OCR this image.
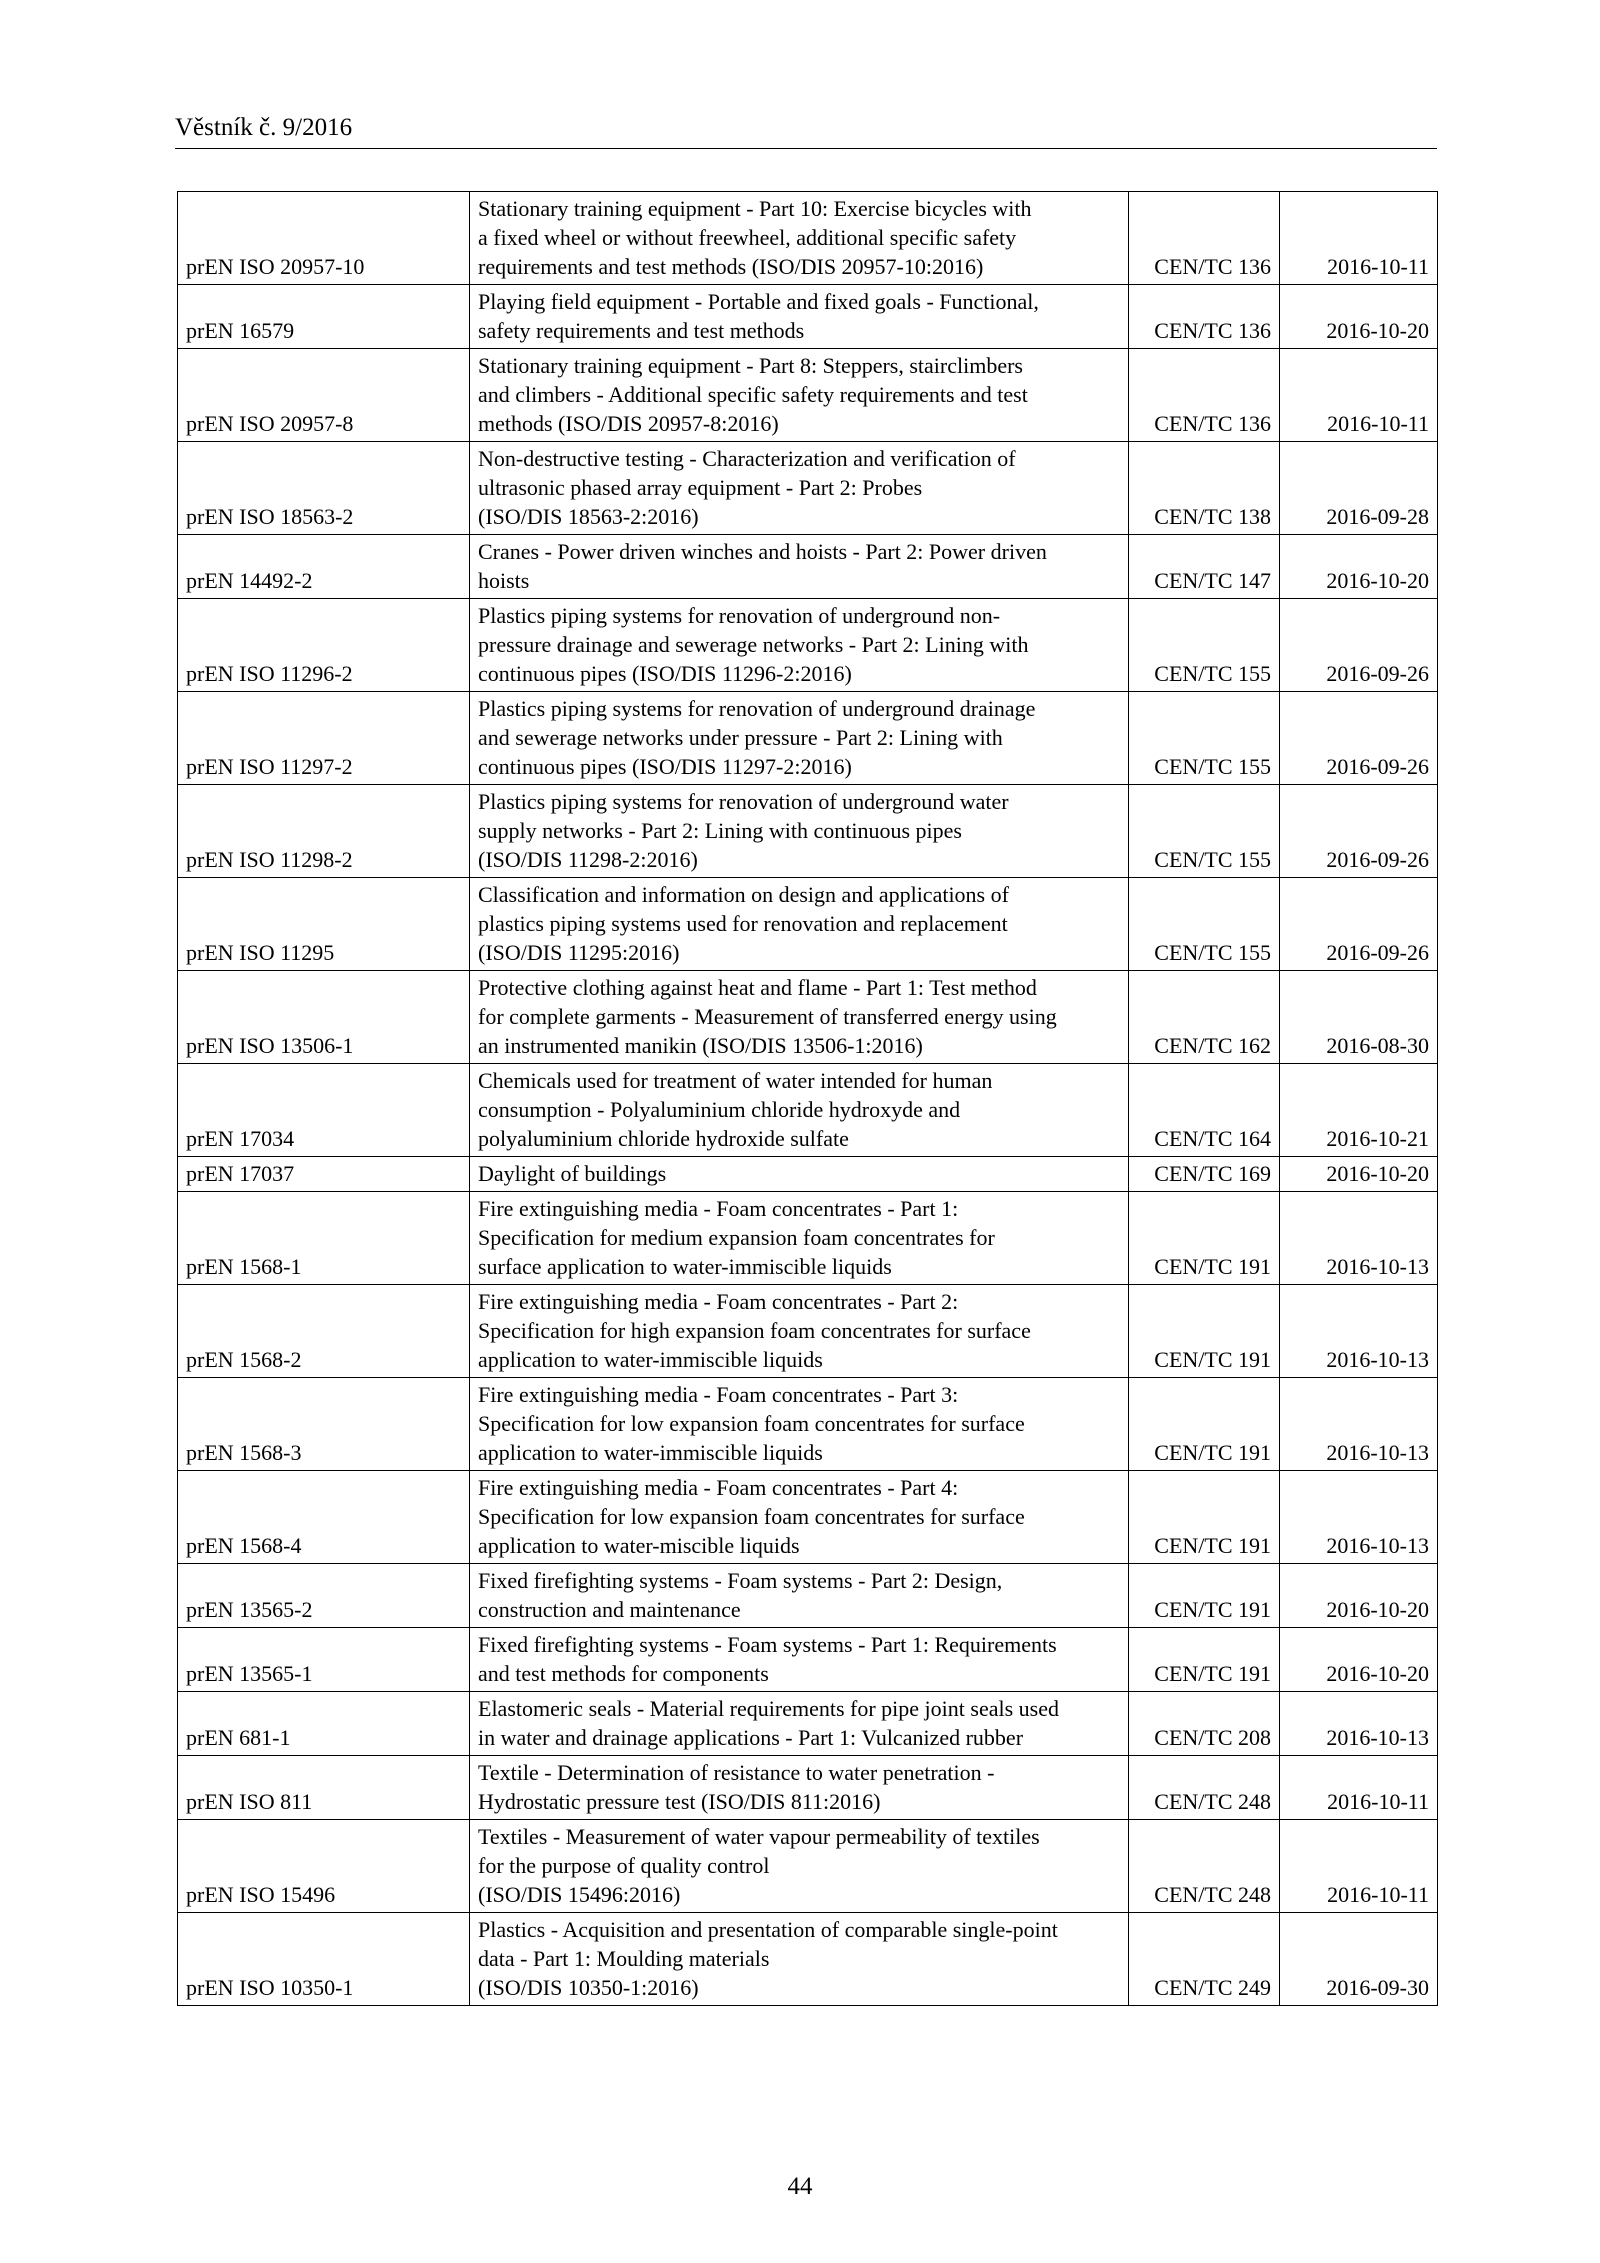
Věstník č. 9/2016
prEN ISO 20957-10	Stationary training equipment - Part 10: Exercise bicycles with
a fixed wheel or without freewheel, additional specific safety
requirements and test methods (ISO/DIS 20957-10:2016)	CEN/TC 136	2016-10-11
prEN 16579	Playing field equipment - Portable and fixed goals - Functional,
safety requirements and test methods	CEN/TC 136	2016-10-20
prEN ISO 20957-8	Stationary training equipment - Part 8: Steppers, stairclimbers
and climbers - Additional specific safety requirements and test
methods (ISO/DIS 20957-8:2016)	CEN/TC 136	2016-10-11
prEN ISO 18563-2	Non-destructive testing - Characterization and verification of
ultrasonic phased array equipment - Part 2: Probes
(ISO/DIS 18563-2:2016)	CEN/TC 138	2016-09-28
prEN 14492-2	Cranes - Power driven winches and hoists - Part 2: Power driven
hoists	CEN/TC 147	2016-10-20
prEN ISO 11296-2	Plastics piping systems for renovation of underground non-
pressure drainage and sewerage networks - Part 2: Lining with
continuous pipes (ISO/DIS 11296-2:2016)	CEN/TC 155	2016-09-26
prEN ISO 11297-2	Plastics piping systems for renovation of underground drainage
and sewerage networks under pressure - Part 2: Lining with
continuous pipes (ISO/DIS 11297-2:2016)	CEN/TC 155	2016-09-26
prEN ISO 11298-2	Plastics piping systems for renovation of underground water
supply networks - Part 2: Lining with continuous pipes
(ISO/DIS 11298-2:2016)	CEN/TC 155	2016-09-26
prEN ISO 11295	Classification and information on design and applications of
plastics piping systems used for renovation and replacement
(ISO/DIS 11295:2016)	CEN/TC 155	2016-09-26
prEN ISO 13506-1	Protective clothing against heat and flame - Part 1: Test method
for complete garments - Measurement of transferred energy using
an instrumented manikin (ISO/DIS 13506-1:2016)	CEN/TC 162	2016-08-30
prEN 17034	Chemicals used for treatment of water intended for human
consumption - Polyaluminium chloride hydroxyde and
polyaluminium chloride hydroxide sulfate	CEN/TC 164	2016-10-21
prEN 17037	Daylight of buildings	CEN/TC 169	2016-10-20
prEN 1568-1	Fire extinguishing media - Foam concentrates - Part 1:
Specification for medium expansion foam concentrates for
surface application to water-immiscible liquids	CEN/TC 191	2016-10-13
prEN 1568-2	Fire extinguishing media - Foam concentrates - Part 2:
Specification for high expansion foam concentrates for surface
application to water-immiscible liquids	CEN/TC 191	2016-10-13
prEN 1568-3	Fire extinguishing media - Foam concentrates - Part 3:
Specification for low expansion foam concentrates for surface
application to water-immiscible liquids	CEN/TC 191	2016-10-13
prEN 1568-4	Fire extinguishing media - Foam concentrates - Part 4:
Specification for low expansion foam concentrates for surface
application to water-miscible liquids	CEN/TC 191	2016-10-13
prEN 13565-2	Fixed firefighting systems - Foam systems - Part 2: Design,
construction and maintenance	CEN/TC 191	2016-10-20
prEN 13565-1	Fixed firefighting systems - Foam systems - Part 1: Requirements
and test methods for components	CEN/TC 191	2016-10-20
prEN 681-1	Elastomeric seals - Material requirements for pipe joint seals used
in water and drainage applications - Part 1: Vulcanized rubber	CEN/TC 208	2016-10-13
prEN ISO 811	Textile - Determination of resistance to water penetration -
Hydrostatic pressure test (ISO/DIS 811:2016)	CEN/TC 248	2016-10-11
prEN ISO 15496	Textiles - Measurement of water vapour permeability of textiles
for the purpose of quality control
(ISO/DIS 15496:2016)	CEN/TC 248	2016-10-11
prEN ISO 10350-1	Plastics - Acquisition and presentation of comparable single-point
data - Part 1: Moulding materials
(ISO/DIS 10350-1:2016)	CEN/TC 249	2016-09-30
44
